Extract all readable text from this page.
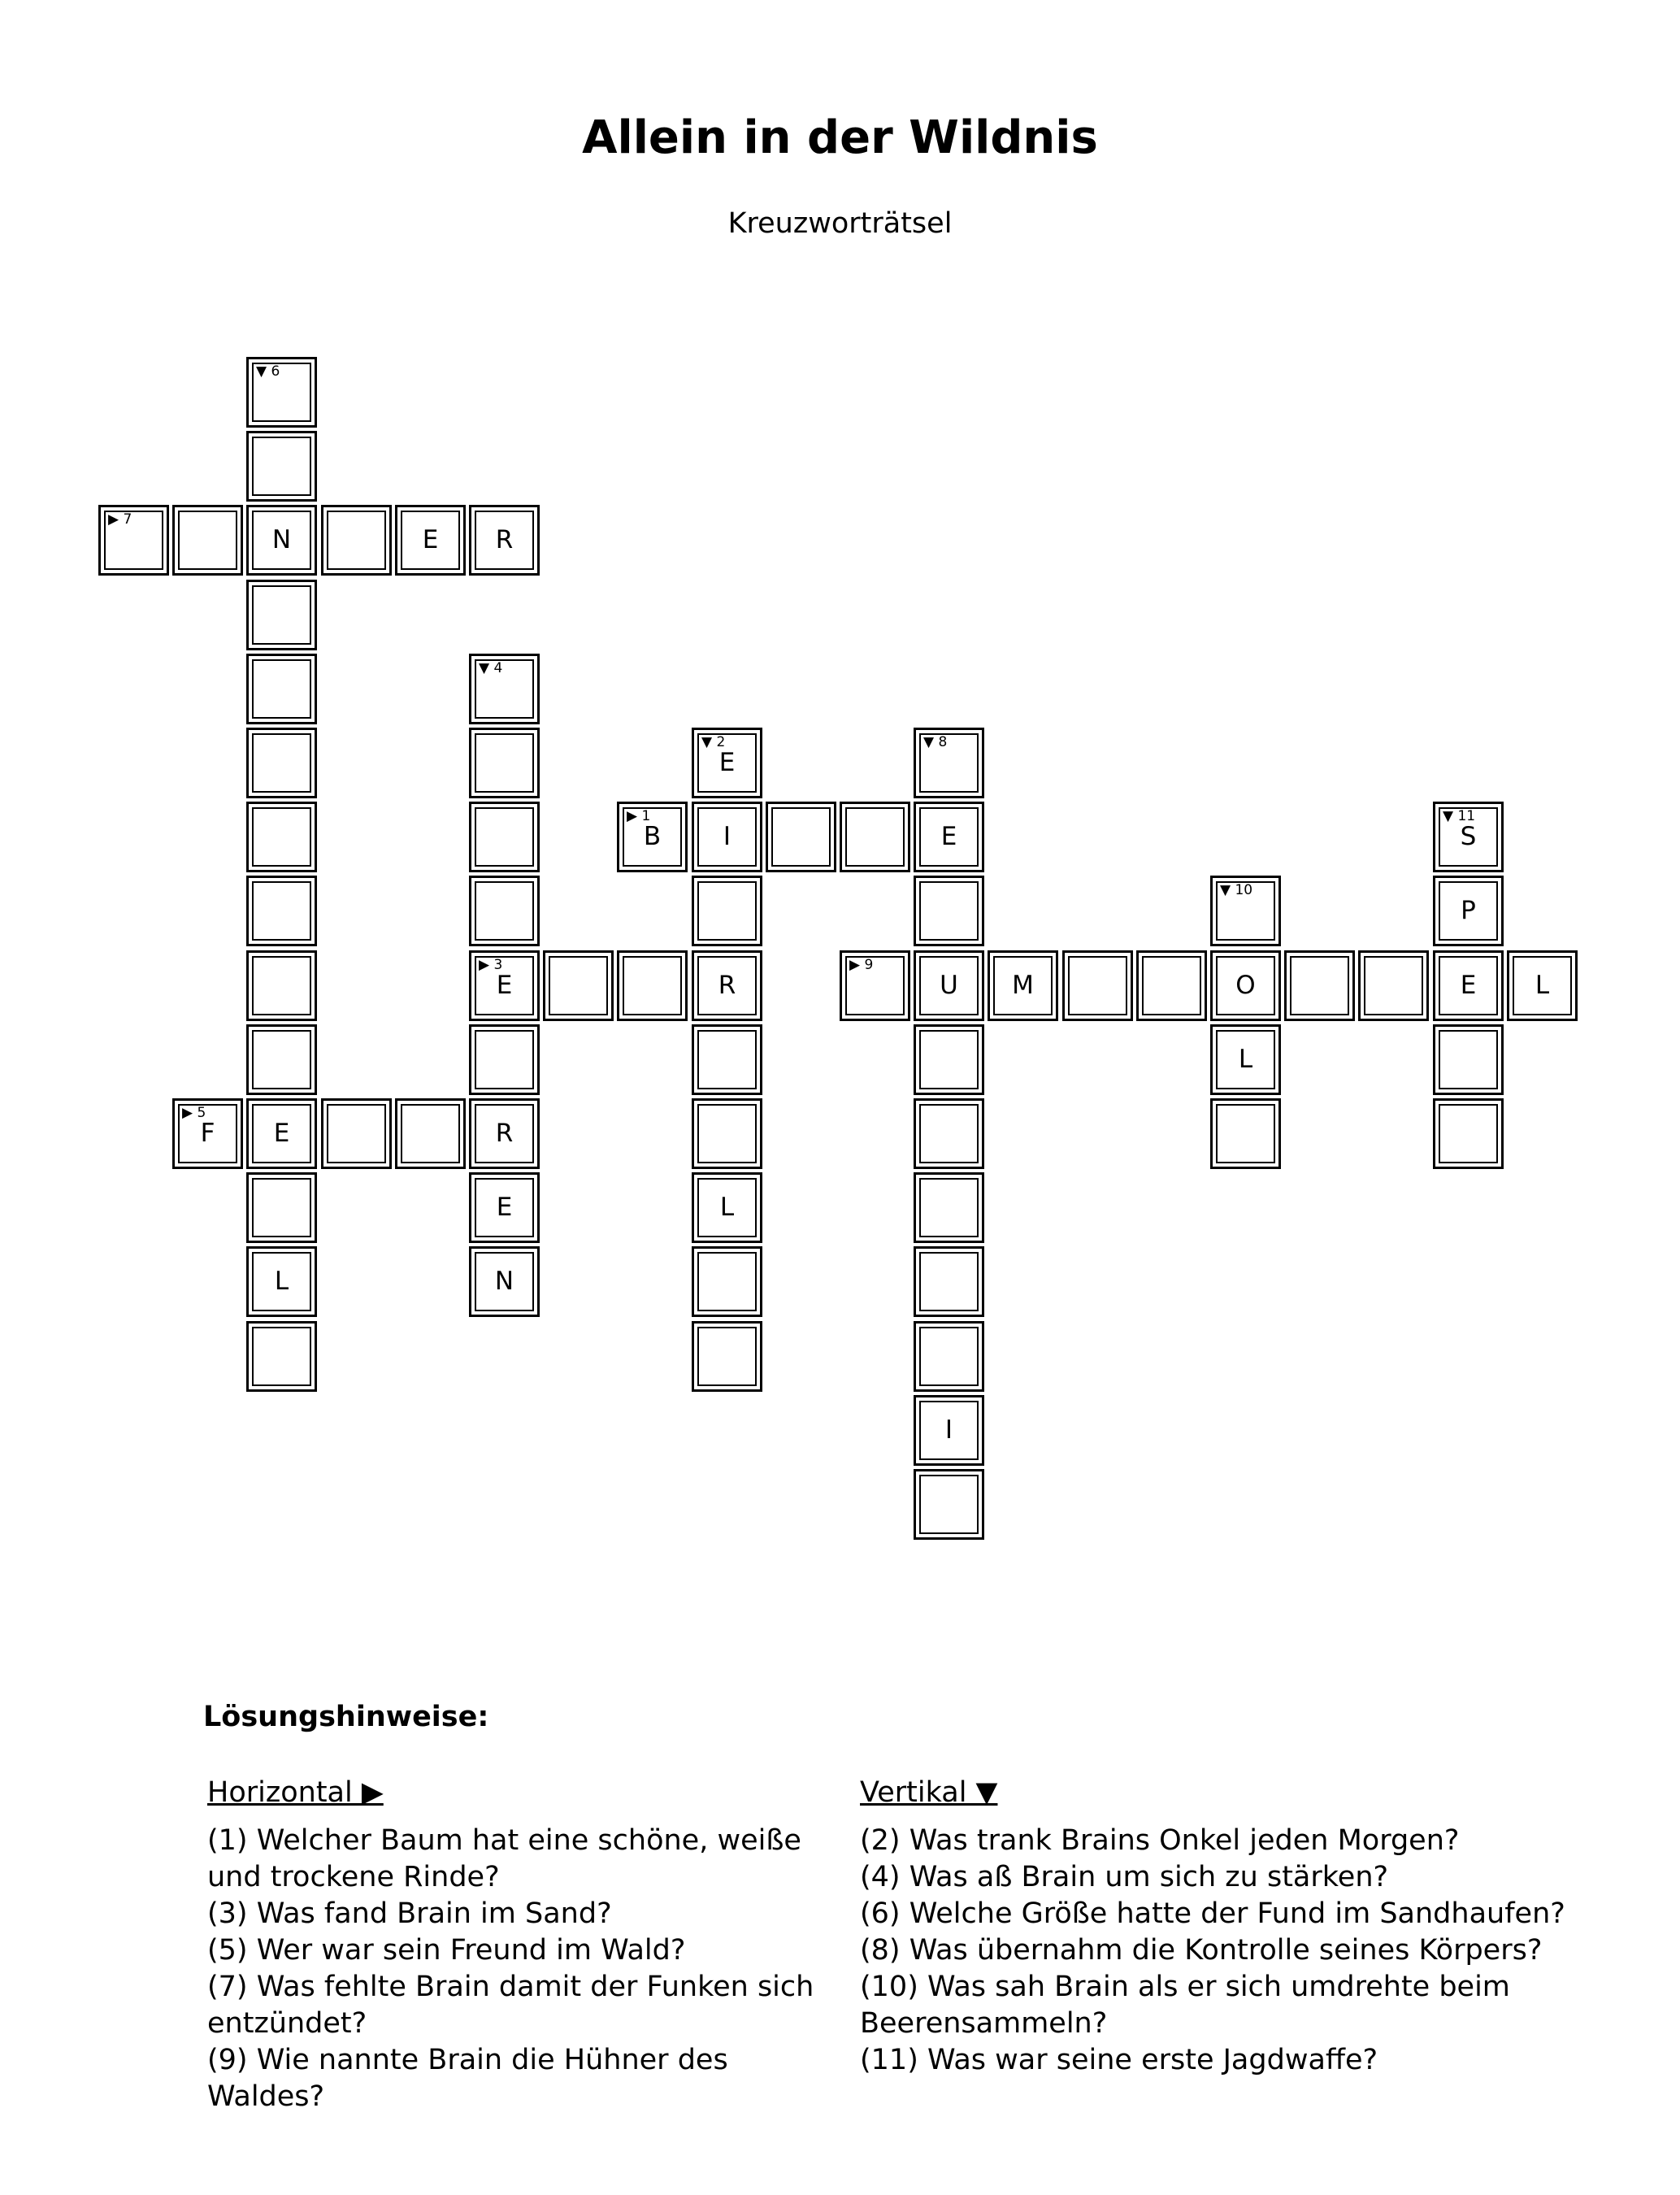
Allein in der Wildnis
Kreuzworträtsel
▼ 6
▶ 7
N	E R
▼ 4
▼ 2
E
▼ 8
▶ 1
B I	E
▼ 11
S
▼ 10
P
▶ 3
E	R
▶ 9
U M	O	E L
L
▶ 5
F E	R
E	L
L	N
I
Lösungshinweise:
Horizontal ▶

(1) Welcher Baum hat eine schöne, weiße und trockene Rinde?

(3) Was fand Brain im Sand?

(5) Wer war sein Freund im Wald?

(7) Was fehlte Brain damit der Funken sich entzündet?

(9) Wie nannte Brain die Hühner des Waldes?

Vertikal ▼

(2) Was trank Brains Onkel jeden Morgen?

(4) Was aß Brain um sich zu stärken?

(6) Welche Größe hatte der Fund im Sandhaufen?

(8) Was übernahm die Kontrolle seines Körpers?

(10) Was sah Brain als er sich umdrehte beim Beerensammeln?

(11) Was war seine erste Jagdwaffe?
